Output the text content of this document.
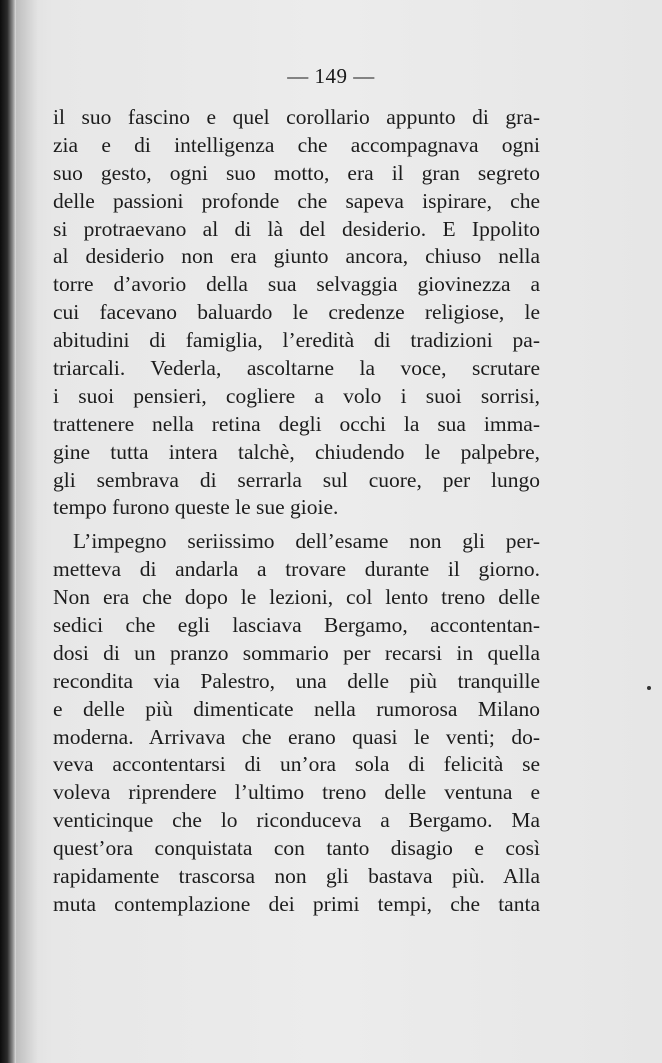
— 149 —
il suo fascino e quel corollario appunto di gra-
zia e di intelligenza che accompagnava ogni
suo gesto, ogni suo motto, era il gran segreto
delle passioni profonde che sapeva ispirare, che
si protraevano al di là del desiderio. E Ippolito
al desiderio non era giunto ancora, chiuso nella
torre d’avorio della sua selvaggia giovinezza a
cui facevano baluardo le credenze religiose, le
abitudini di famiglia, l’eredità di tradizioni pa-
triarcali. Vederla, ascoltarne la voce, scrutare
i suoi pensieri, cogliere a volo i suoi sorrisi,
trattenere nella retina degli occhi la sua imma-
gine tutta intera talchè, chiudendo le palpebre,
gli sembrava di serrarla sul cuore, per lungo
tempo furono queste le sue gioie.
L’impegno seriissimo dell’esame non gli per-
metteva di andarla a trovare durante il giorno.
Non era che dopo le lezioni, col lento treno delle
sedici che egli lasciava Bergamo, accontentan-
dosi di un pranzo sommario per recarsi in quella
recondita via Palestro, una delle più tranquille
e delle più dimenticate nella rumorosa Milano
moderna. Arrivava che erano quasi le venti; do-
veva accontentarsi di un’ora sola di felicità se
voleva riprendere l’ultimo treno delle ventuna e
venticinque che lo riconduceva a Bergamo. Ma
quest’ora conquistata con tanto disagio e così
rapidamente trascorsa non gli bastava più. Alla
muta contemplazione dei primi tempi, che tanta
